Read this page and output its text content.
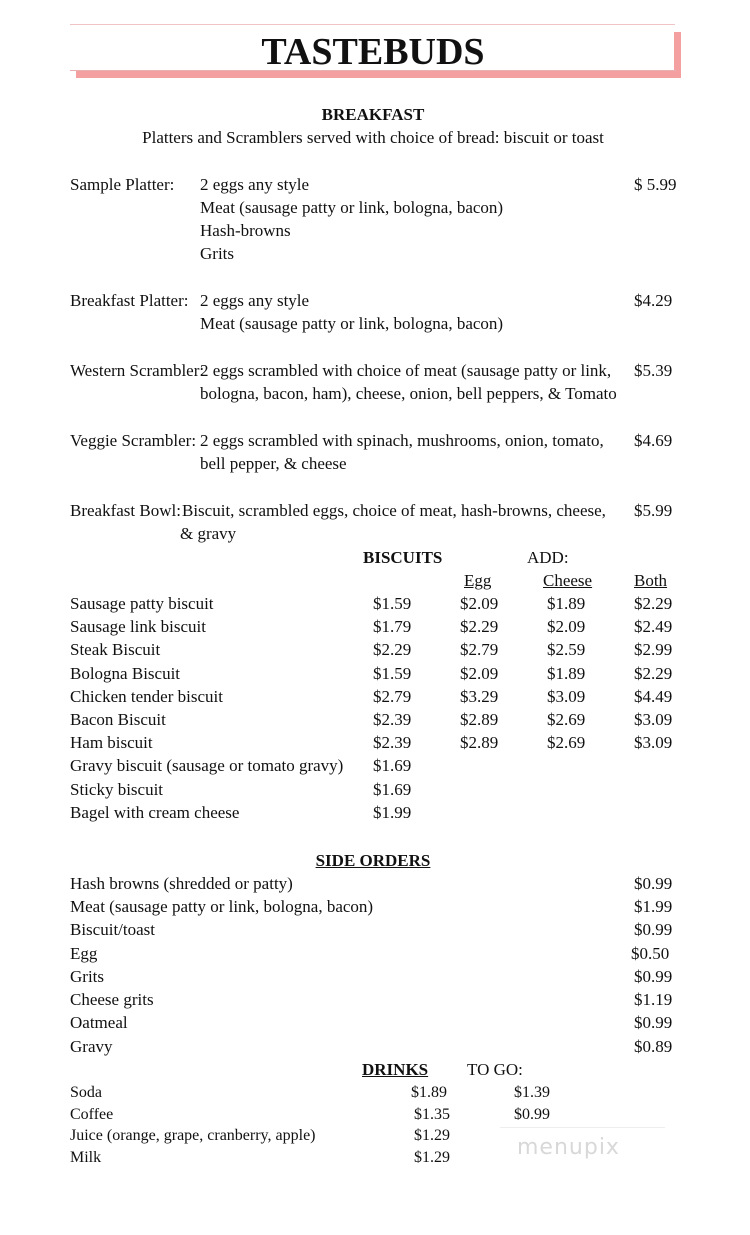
TASTEBUDS
BREAKFAST
Platters and Scramblers served with choice of bread: biscuit or toast
Sample Platter: 2 eggs any style
Meat (sausage patty or link, bologna, bacon)
Hash-browns
Grits
$ 5.99
Breakfast Platter: 2 eggs any style
Meat (sausage patty or link, bologna, bacon)
$4.29
Western Scrambler:
2 eggs scrambled with choice of meat (sausage patty or link,
bologna, bacon, ham), cheese, onion, bell peppers, & Tomato
$5.39
Veggie Scrambler: 2 eggs scrambled with spinach, mushrooms, onion, tomato,
bell pepper, & cheese
$4.69
Breakfast Bowl: Biscuit, scrambled eggs, choice of meat, hash-browns, cheese,
& gravy
$5.99
BISCUITS	ADD:
Egg	Cheese Both
Sausage patty biscuit	$1.59	$2.09	$1.89	$2.29
Sausage link biscuit	$1.79	$2.29	$2.09	$2.49
Steak Biscuit	$2.29	$2.79	$2.59	$2.99
Bologna Biscuit	$1.59	$2.09	$1.89	$2.29
Chicken tender biscuit	$2.79	$3.29	$3.09	$4.49
Bacon Biscuit	$2.39	$2.89	$2.69	$3.09
Ham biscuit	$2.39	$2.89	$2.69	$3.09
Gravy biscuit (sausage or tomato gravy) $1.69
Sticky biscuit	$1.69
Bagel with cream cheese	$1.99
SIDE ORDERS
Hash browns (shredded or patty)	$0.99
Meat (sausage patty or link, bologna, bacon)	$1.99
Biscuit/toast	$0.99
Egg	$0.50
Grits	$0.99
Cheese grits	$1.19
Oatmeal	$0.99
Gravy	$0.89
DRINKS TO GO:
Soda	$1.89	$1.39
Coffee	$1.35	$0.99
Juice (orange, grape, cranberry, apple)	$1.29
Milk	$1.29	menupix
